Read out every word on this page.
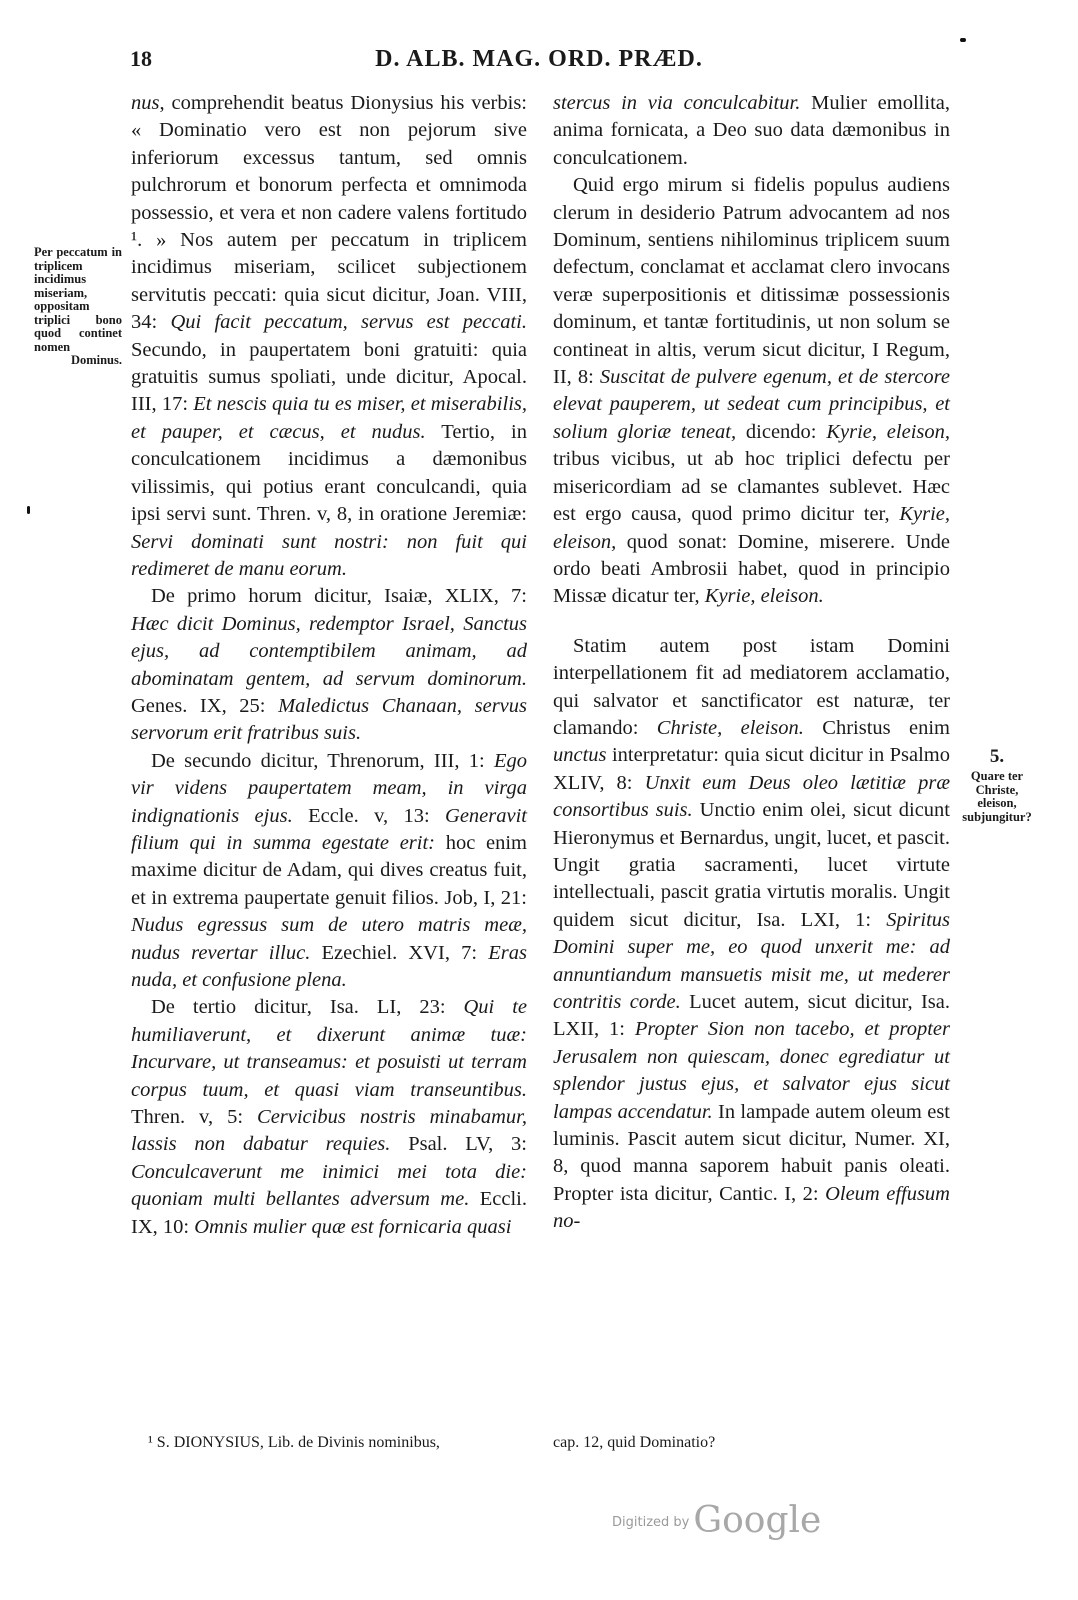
18	D. ALB. MAG. ORD. PRÆD.
Per peccatum in triplicem incidimus miseriam, oppositam triplici bono quod continet nomen Dominus.
5.
Quare ter Christe, eleison, subjungitur?

nus, comprehendit beatus Dionysius his verbis: « Dominatio vero est non pejorum sive inferiorum excessus tantum, sed omnis pulchrorum et bonorum perfecta et omnimoda possessio, et vera et non cadere valens fortitudo ¹. » Nos autem per peccatum in triplicem incidimus miseriam, scilicet subjectionem servitutis peccati: quia sicut dicitur, Joan. VIII, 34: Qui facit peccatum, servus est peccati. Secundo, in paupertatem boni gratuiti: quia gratuitis sumus spoliati, unde dicitur, Apocal. III, 17: Et nescis quia tu es miser, et miserabilis, et pauper, et cæcus, et nudus. Tertio, in conculcationem incidimus a dæmonibus vilissimis, qui potius erant conculcandi, quia ipsi servi sunt. Thren. v, 8, in oratione Jeremiæ: Servi dominati sunt nostri: non fuit qui redimeret de manu eorum.

De primo horum dicitur, Isaiæ, XLIX, 7: Hæc dicit Dominus, redemptor Israel, Sanctus ejus, ad contemptibilem animam, ad abominatam gentem, ad servum dominorum. Genes. IX, 25: Maledictus Chanaan, servus servorum erit fratribus suis.

De secundo dicitur, Threnorum, III, 1: Ego vir videns paupertatem meam, in virga indignationis ejus. Eccle. v, 13: Generavit filium qui in summa egestate erit: hoc enim maxime dicitur de Adam, qui dives creatus fuit, et in extrema paupertate genuit filios. Job, I, 21: Nudus egressus sum de utero matris meæ, nudus revertar illuc. Ezechiel. XVI, 7: Eras nuda, et confusione plena.

De tertio dicitur, Isa. LI, 23: Qui te humiliaverunt, et dixerunt animæ tuæ: Incurvare, ut transeamus: et posuisti ut terram corpus tuum, et quasi viam transeuntibus. Thren. v, 5: Cervicibus nostris minabamur, lassis non dabatur requies. Psal. LV, 3: Conculcaverunt me inimici mei tota die: quoniam multi bellantes adversum me. Eccli. IX, 10: Omnis mulier quæ est fornicaria quasi

stercus in via conculcabitur. Mulier emollita, anima fornicata, a Deo suo data dæmonibus in conculcationem.

Quid ergo mirum si fidelis populus audiens clerum in desiderio Patrum advocantem ad nos Dominum, sentiens nihilominus triplicem suum defectum, conclamat et acclamat clero invocans veræ superpositionis et ditissimæ possessionis dominum, et tantæ fortitudinis, ut non solum se contineat in altis, verum sicut dicitur, I Regum, II, 8: Suscitat de pulvere egenum, et de stercore elevat pauperem, ut sedeat cum principibus, et solium gloriæ teneat, dicendo: Kyrie, eleison, tribus vicibus, ut ab hoc triplici defectu per misericordiam ad se clamantes sublevet. Hæc est ergo causa, quod primo dicitur ter, Kyrie, eleison, quod sonat: Domine, miserere. Unde ordo beati Ambrosii habet, quod in principio Missæ dicatur ter, Kyrie, eleison.

Statim autem post istam Domini interpellationem fit ad mediatorem acclamatio, qui salvator et sanctificator est naturæ, ter clamando: Christe, eleison. Christus enim unctus interpretatur: quia sicut dicitur in Psalmo XLIV, 8: Unxit eum Deus oleo lætitiæ præ consortibus suis. Unctio enim olei, sicut dicunt Hieronymus et Bernardus, ungit, lucet, et pascit. Ungit gratia sacramenti, lucet virtute intellectuali, pascit gratia virtutis moralis. Ungit quidem sicut dicitur, Isa. LXI, 1: Spiritus Domini super me, eo quod unxerit me: ad annuntiandum mansuetis misit me, ut mederer contritis corde. Lucet autem, sicut dicitur, Isa. LXII, 1: Propter Sion non tacebo, et propter Jerusalem non quiescam, donec egrediatur ut splendor justus ejus, et salvator ejus sicut lampas accendatur. In lampade autem oleum est luminis. Pascit autem sicut dicitur, Numer. XI, 8, quod manna saporem habuit panis oleati. Propter ista dicitur, Cantic. I, 2: Oleum effusum no-

¹ S. DIONYSIUS, Lib. de Divinis nominibus,	cap. 12, quid Dominatio?
$^{Digitized by}$ Google
